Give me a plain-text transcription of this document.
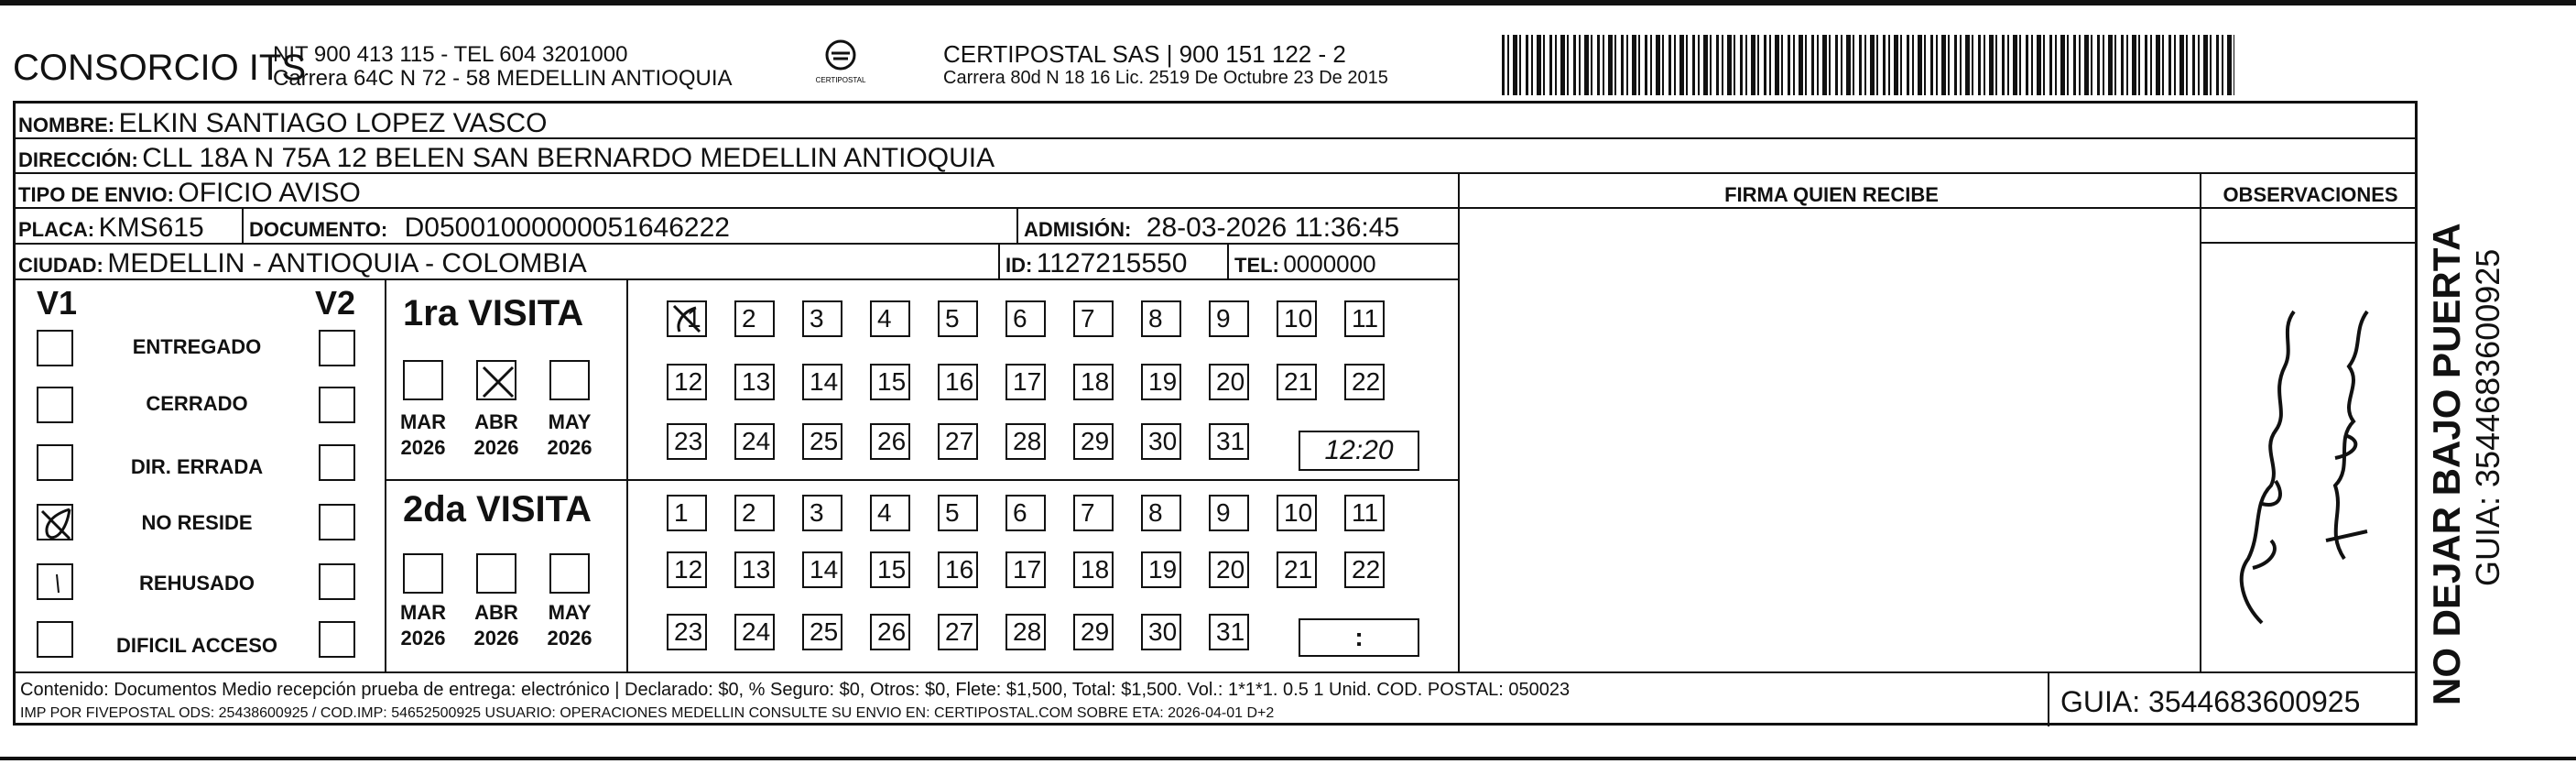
CONSORCIO ITS
NIT 900 413 115 - TEL 604 3201000
Carrera 64C N 72 - 58 MEDELLIN ANTIOQUIA	CERTIPOSTAL
CERTIPOSTAL SAS | 900 151 122 - 2
Carrera 80d N 18 16 Lic. 2519 De Octubre 23 De 2015
NOMBRE: ELKIN SANTIAGO LOPEZ VASCO
DIRECCIÓN: CLL 18A N 75A 12 BELEN SAN BERNARDO MEDELLIN ANTIOQUIA
TIPO DE ENVIO: OFICIO AVISO	FIRMA QUIEN RECIBE	OBSERVACIONES
PLACA: KMS615 DOCUMENTO: D05001000000051646222	ADMISIÓN: 28-03-2026 11:36:45
CIUDAD: MEDELLIN - ANTIOQUIA - COLOMBIA	ID: 1127215550 TEL: 0000000
V1	V2
ENTREGADO
CERRADO
DIR. ERRADA
NO RESIDE
REHUSADO
DIFICIL ACCESO
1ra VISITA
MAR ABR MAY
2026 2026 2026
1 2	3	4	5	6	7	8	9	10 11
12 13 14 15 16 17 18 19 20 21 22
23 24 25 26 27 28 29 30 31	12:20
2da VISITA
MAR ABR MAY
2026 2026 2026
1	2	3	4	5	6	7	8	9	10 11
12 13 14 15 16 17 18 19 20 21 22
23 24 25 26 27 28 29 30 31	:
Contenido: Documentos Medio recepción prueba de entrega: electrónico | Declarado: $0, % Seguro: $0, Otros: $0, Flete: $1,500, Total: $1,500. Vol.: 1*1*1. 0.5 1 Unid. COD. POSTAL: 050023
IMP POR FIVEPOSTAL ODS: 25438600925 / COD.IMP: 54652500925 USUARIO: OPERACIONES MEDELLIN CONSULTE SU ENVIO EN: CERTIPOSTAL.COM SOBRE ETA: 2026-04-01 D+2	GUIA: 3544683600925 NO DEJAR BAJO PUERTA GUIA: 3544683600925
